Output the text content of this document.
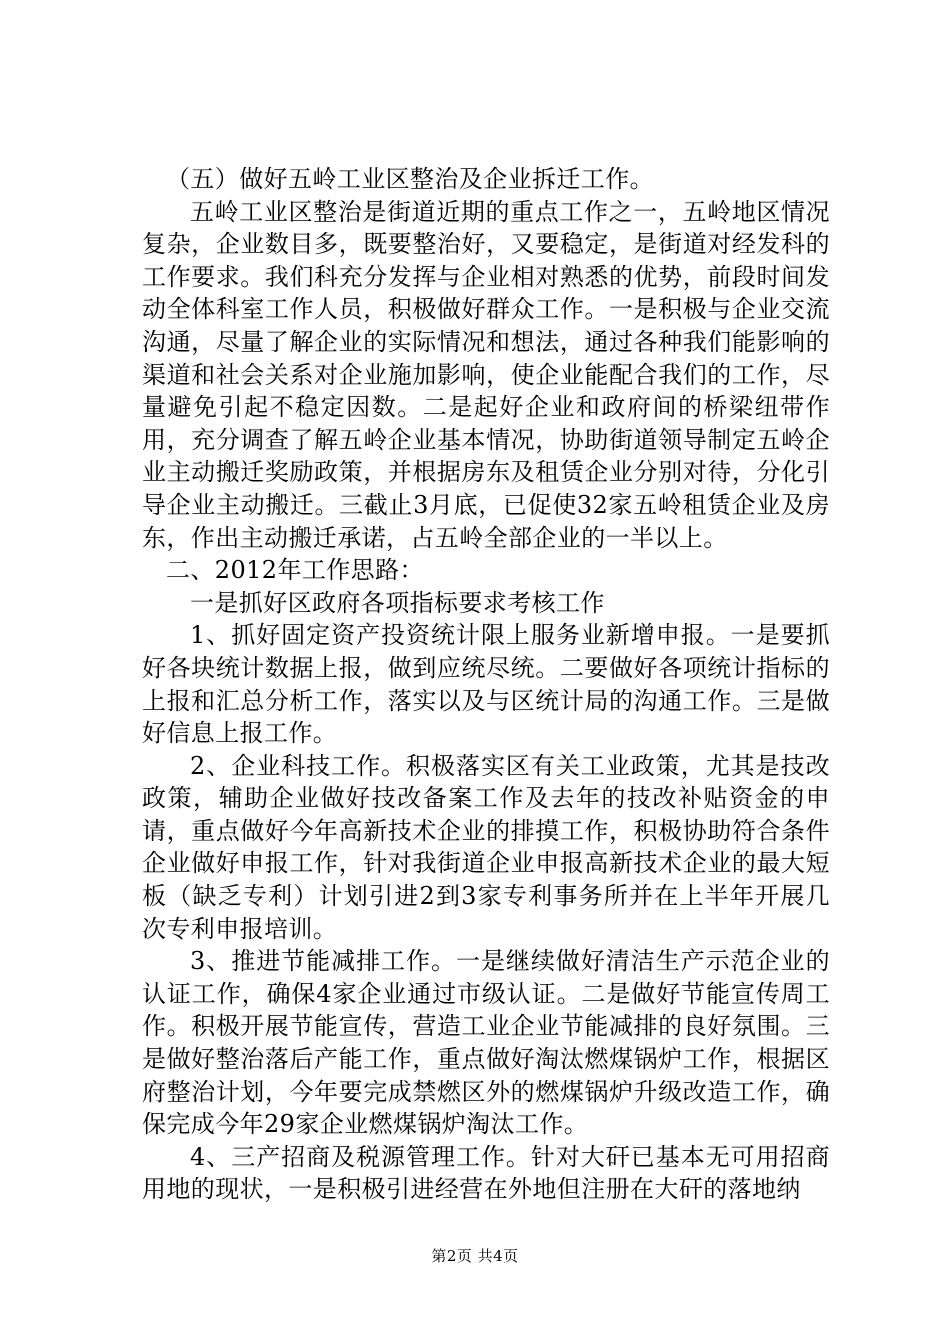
（五）做好五岭工业区整治及企业拆迁工作。

五岭工业区整治是街道近期的重点工作之一，五岭地区情况复杂，企业数目多，既要整治好，又要稳定，是街道对经发科的工作要求。我们科充分发挥与企业相对熟悉的优势，前段时间发动全体科室工作人员，积极做好群众工作。一是积极与企业交流沟通，尽量了解企业的实际情况和想法，通过各种我们能影响的渠道和社会关系对企业施加影响，使企业能配合我们的工作，尽量避免引起不稳定因数。二是起好企业和政府间的桥梁纽带作用，充分调查了解五岭企业基本情况，协助街道领导制定五岭企业主动搬迁奖励政策，并根据房东及租赁企业分别对待，分化引导企业主动搬迁。三截止3月底，已促使32家五岭租赁企业及房东，作出主动搬迁承诺，占五岭全部企业的一半以上。

二、2012年工作思路：

一是抓好区政府各项指标要求考核工作

1、抓好固定资产投资统计限上服务业新增申报。一是要抓好各块统计数据上报，做到应统尽统。二要做好各项统计指标的上报和汇总分析工作，落实以及与区统计局的沟通工作。三是做好信息上报工作。

2、企业科技工作。积极落实区有关工业政策，尤其是技改政策，辅助企业做好技改备案工作及去年的技改补贴资金的申请，重点做好今年高新技术企业的排摸工作，积极协助符合条件企业做好申报工作，针对我街道企业申报高新技术企业的最大短板（缺乏专利）计划引进2到3家专利事务所并在上半年开展几次专利申报培训。

3、推进节能减排工作。一是继续做好清洁生产示范企业的认证工作，确保4家企业通过市级认证。二是做好节能宣传周工作。积极开展节能宣传，营造工业企业节能减排的良好氛围。三是做好整治落后产能工作，重点做好淘汰燃煤锅炉工作，根据区府整治计划，今年要完成禁燃区外的燃煤锅炉升级改造工作，确保完成今年29家企业燃煤锅炉淘汰工作。

4、三产招商及税源管理工作。针对大矸已基本无可用招商用地的现状，一是积极引进经营在外地但注册在大矸的落地纳

第2页 共4页
